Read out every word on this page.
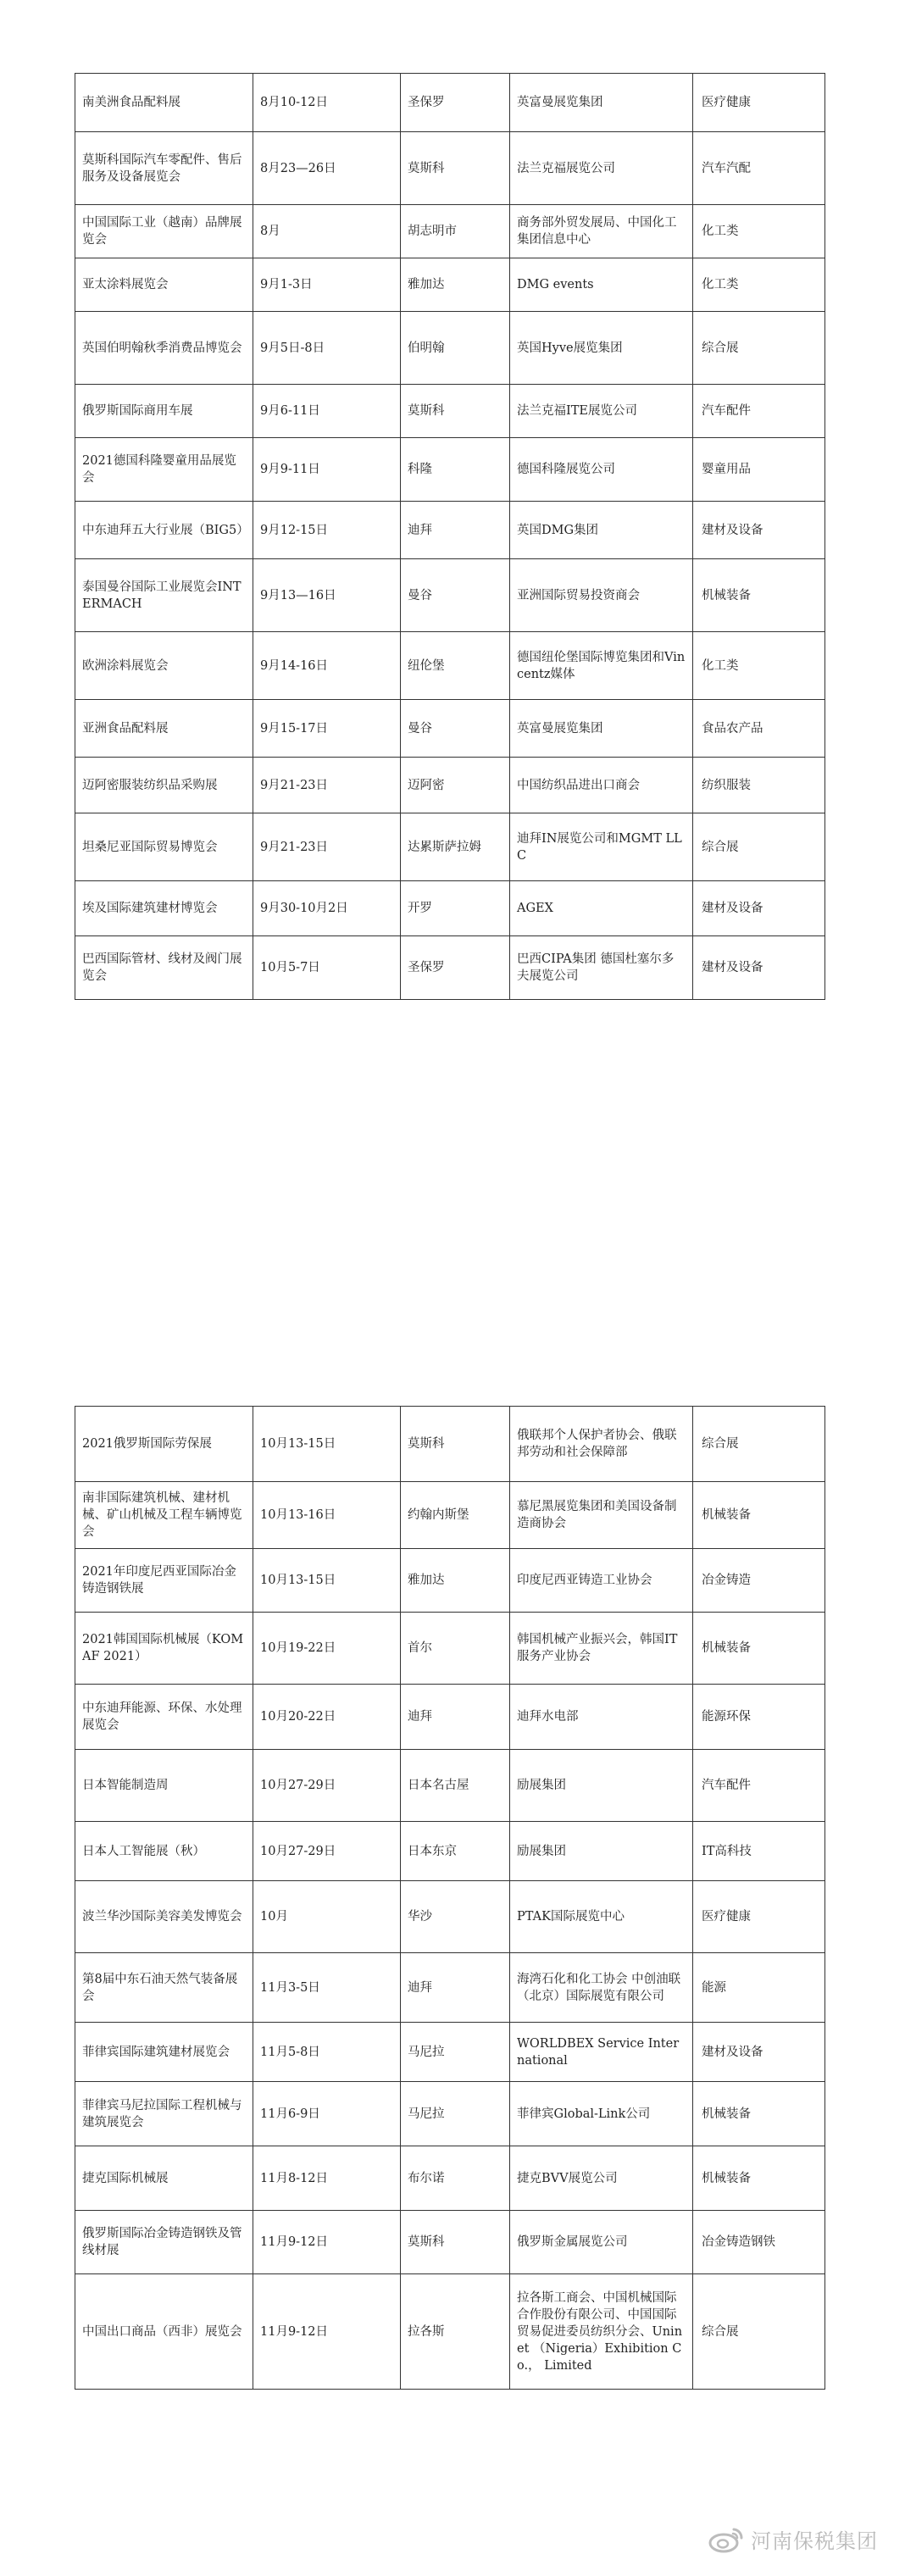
南美洲食品配料展	8月10-12日	圣保罗	英富曼展览集团	医疗健康
莫斯科国际汽车零配件、售后服务及设备展览会	8月23—26日	莫斯科	法兰克福展览公司	汽车汽配
中国国际工业（越南）品牌展览会	8月	胡志明市	商务部外贸发展局、中国化工集团信息中心	化工类
亚太涂料展览会	9月1-3日	雅加达	DMG events	化工类
英国伯明翰秋季消费品博览会	9月5日-8日	伯明翰	英国Hyve展览集团	综合展
俄罗斯国际商用车展	9月6-11日	莫斯科	法兰克福ITE展览公司	汽车配件
2021德国科隆婴童用品展览会	9月9-11日	科隆	德国科隆展览公司	婴童用品
中东迪拜五大行业展（BIG5）	9月12-15日	迪拜	英国DMG集团	建材及设备
泰国曼谷国际工业展览会INTERMACH	9月13—16日	曼谷	亚洲国际贸易投资商会	机械装备
欧洲涂料展览会	9月14-16日	纽伦堡	德国纽伦堡国际博览集团和Vincentz媒体	化工类
亚洲食品配料展	9月15-17日	曼谷	英富曼展览集团	食品农产品
迈阿密服装纺织品采购展	9月21-23日	迈阿密	中国纺织品进出口商会	纺织服装
坦桑尼亚国际贸易博览会	9月21-23日	达累斯萨拉姆	迪拜IN展览公司和MGMT LLC	综合展
埃及国际建筑建材博览会	9月30-10月2日	开罗	AGEX	建材及设备
巴西国际管材、线材及阀门展览会	10月5-7日	圣保罗	巴西CIPA集团 德国杜塞尔多夫展览公司	建材及设备
2021俄罗斯国际劳保展	10月13-15日	莫斯科	俄联邦个人保护者协会、俄联邦劳动和社会保障部	综合展
南非国际建筑机械、建材机械、矿山机械及工程车辆博览会	10月13-16日	约翰内斯堡	慕尼黑展览集团和美国设备制造商协会	机械装备
2021年印度尼西亚国际冶金铸造钢铁展	10月13-15日	雅加达	印度尼西亚铸造工业协会	冶金铸造
2021韩国国际机械展（KOMAF 2021）	10月19-22日	首尔	韩国机械产业振兴会，韩国IT服务产业协会	机械装备
中东迪拜能源、环保、水处理展览会	10月20-22日	迪拜	迪拜水电部	能源环保
日本智能制造周	10月27-29日	日本名古屋	励展集团	汽车配件
日本人工智能展（秋）	10月27-29日	日本东京	励展集团	IT高科技
波兰华沙国际美容美发博览会	10月	华沙	PTAK国际展览中心	医疗健康
第8届中东石油天然气装备展会	11月3-5日	迪拜	海湾石化和化工协会 中创油联（北京）国际展览有限公司	能源
菲律宾国际建筑建材展览会	11月5-8日	马尼拉	WORLDBEX Service International	建材及设备
菲律宾马尼拉国际工程机械与建筑展览会	11月6-9日	马尼拉	菲律宾Global-Link公司	机械装备
捷克国际机械展	11月8-12日	布尔诺	捷克BVV展览公司	机械装备
俄罗斯国际冶金铸造钢铁及管线材展	11月9-12日	莫斯科	俄罗斯金属展览公司	冶金铸造钢铁
中国出口商品（西非）展览会	11月9-12日	拉各斯	拉各斯工商会、中国机械国际合作股份有限公司、中国国际贸易促进委员纺织分会、Uninet （Nigeria）Exhibition Co.， Limited	综合展
河南保税集团
